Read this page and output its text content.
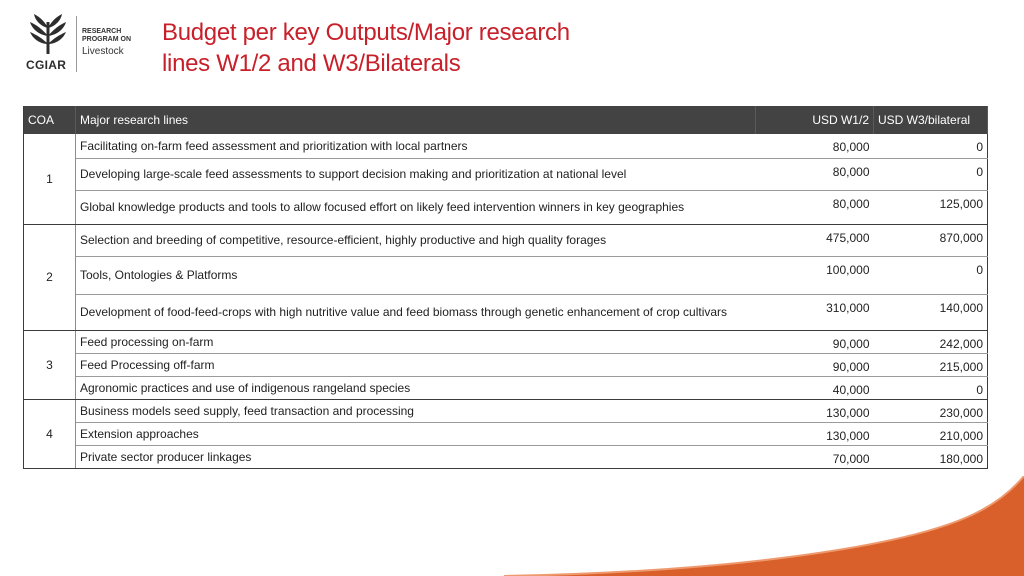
CGIAR
RESEARCH
PROGRAM ON
Livestock
Budget per key Outputs/Major research
lines W1/2 and W3/Bilaterals
COA	Major research lines	USD W1/2	USD W3/bilateral
1	Facilitating on-farm feed assessment and prioritization with local partners	80,000	0
	Developing large-scale feed assessments to support decision making and prioritization at national level	80,000	0
	Global knowledge products and tools to allow focused effort on likely feed intervention winners in key geographies	80,000	125,000
2	Selection and breeding of competitive, resource-efficient, highly productive and high quality forages	475,000	870,000
	Tools, Ontologies & Platforms	100,000	0
	Development of food-feed-crops with high nutritive value and feed biomass through genetic enhancement of crop cultivars	310,000	140,000
3	Feed processing on-farm	90,000	242,000
	Feed Processing off-farm	90,000	215,000
	Agronomic practices and use of indigenous rangeland species	40,000	0
4	Business models seed supply, feed transaction and processing	130,000	230,000
	Extension approaches	130,000	210,000
	Private sector producer linkages	70,000	180,000
